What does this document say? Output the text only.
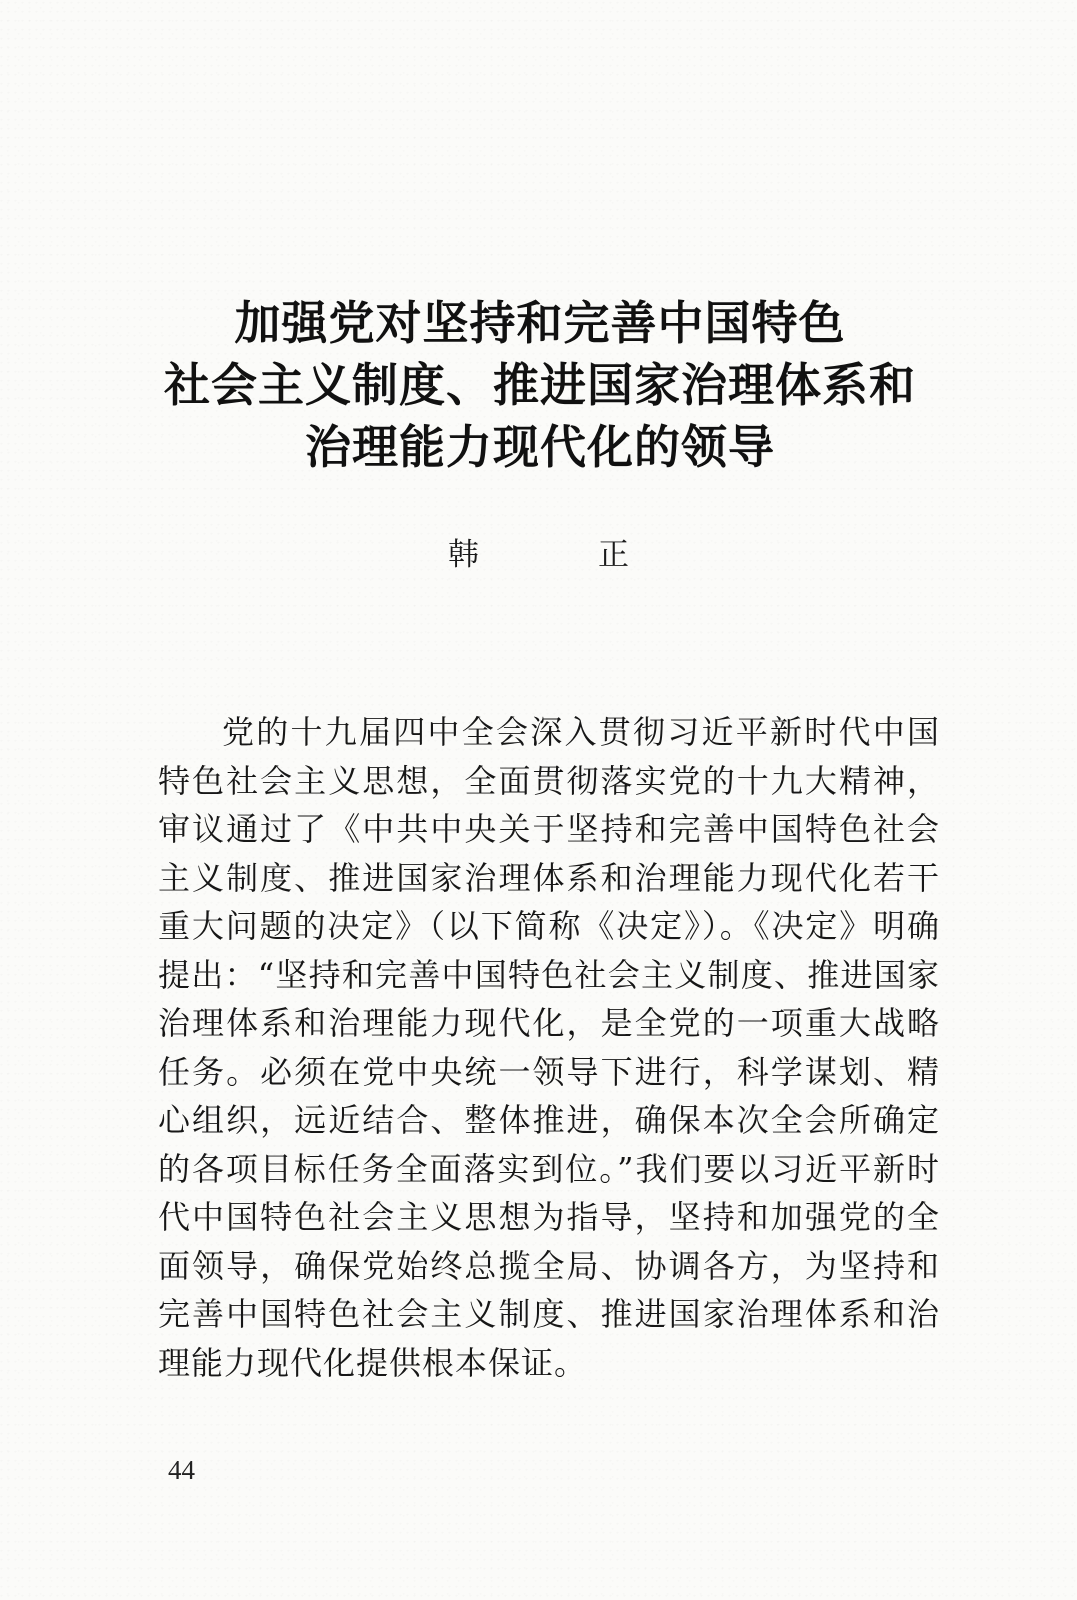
加强党对坚持和完善中国特色
社会主义制度、推进国家治理体系和
治理能力现代化的领导
韩　正

党的十九届四中全会深入贯彻习近平新时代中国特色社会主义思想，全面贯彻落实党的十九大精神，审议通过了《中共中央关于坚持和完善中国特色社会主义制度、推进国家治理体系和治理能力现代化若干重大问题的决定》（以下简称《决定》）。《决定》明确提出：“坚持和完善中国特色社会主义制度、推进国家治理体系和治理能力现代化，是全党的一项重大战略任务。必须在党中央统一领导下进行，科学谋划、精心组织，远近结合、整体推进，确保本次全会所确定的各项目标任务全面落实到位。”我们要以习近平新时代中国特色社会主义思想为指导，坚持和加强党的全面领导，确保党始终总揽全局、协调各方，为坚持和完善中国特色社会主义制度、推进国家治理体系和治理能力现代化提供根本保证。

44
